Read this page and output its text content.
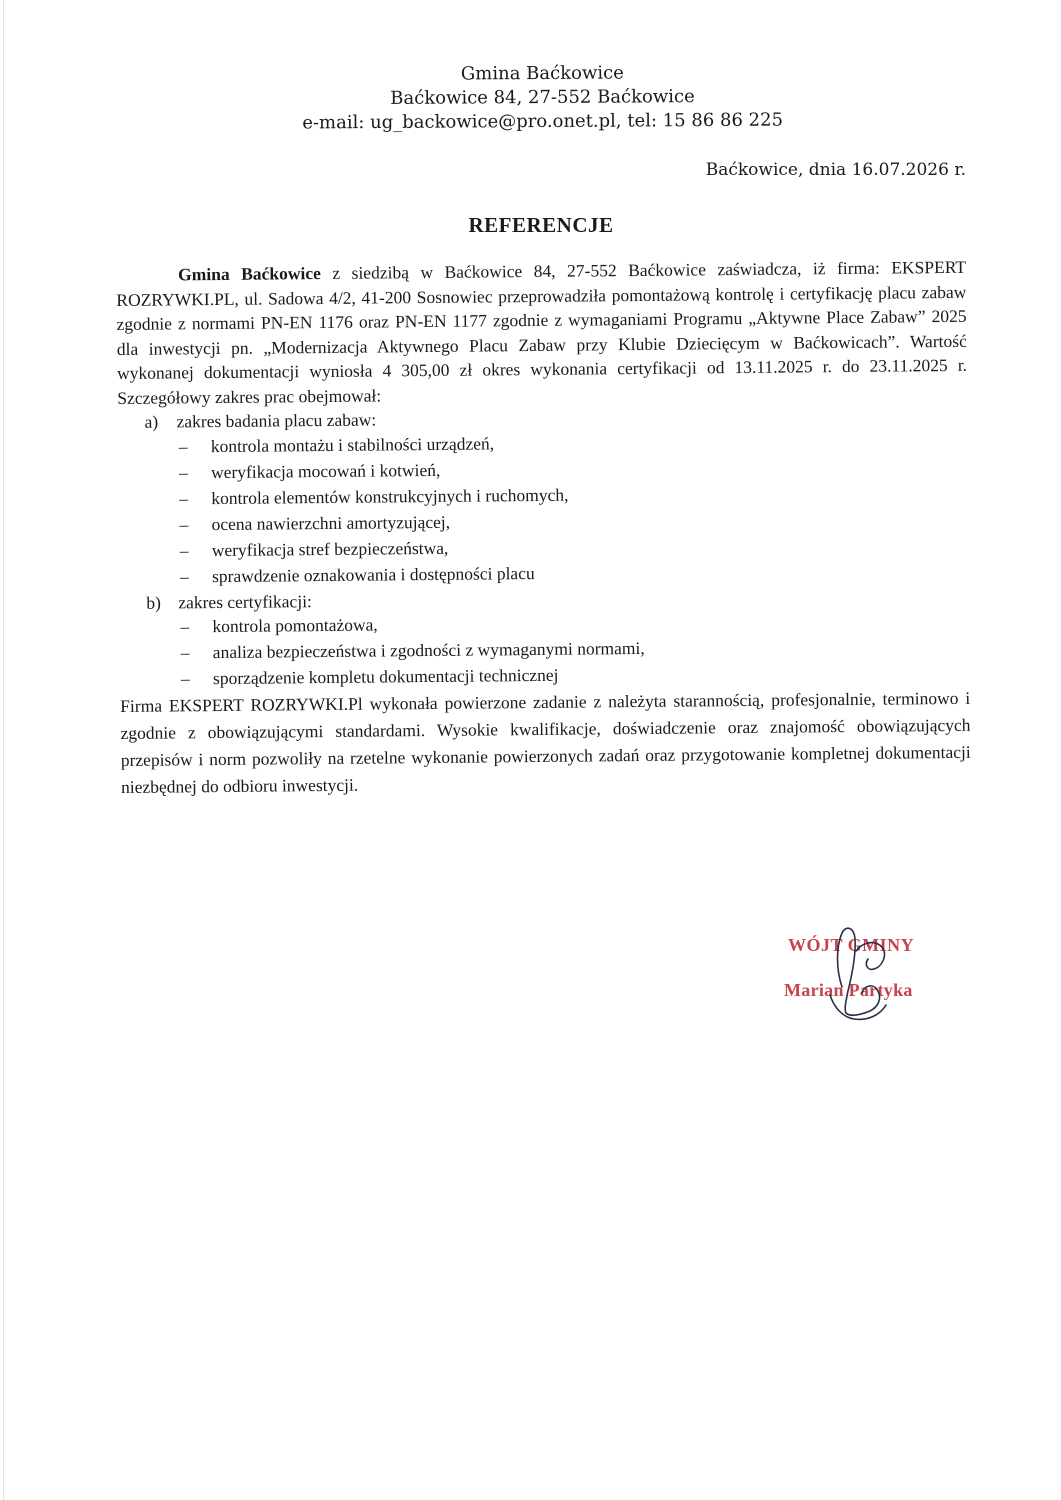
Gmina Baćkowice
Baćkowice 84, 27-552 Baćkowice
e-mail: ug_backowice@pro.onet.pl, tel: 15 86 86 225
Baćkowice, dnia 16.07.2026 r.
REFERENCJE

Gmina Baćkowice z siedzibą w Baćkowice 84, 27-552 Baćkowice zaświadcza, iż firma: EKSPERT ROZRYWKI.PL, ul. Sadowa 4/2, 41-200 Sosnowiec przeprowadziła pomontażową kontrolę i certyfikację placu zabaw zgodnie z normami PN-EN 1176 oraz PN-EN 1177 zgodnie z wymaganiami Programu „Aktywne Place Zabaw” 2025 dla inwestycji pn. „Modernizacja Aktywnego Placu Zabaw przy Klubie Dziecięcym w Baćkowicach”. Wartość wykonanej dokumentacji wyniosła 4 305,00 zł okres wykonania certyfikacji od 13.11.2025 r. do 23.11.2025 r. Szczegółowy zakres prac obejmował:

a) zakres badania placu zabaw:
– kontrola montażu i stabilności urządzeń,
– weryfikacja mocowań i kotwień,
– kontrola elementów konstrukcyjnych i ruchomych,
– ocena nawierzchni amortyzującej,
– weryfikacja stref bezpieczeństwa,
– sprawdzenie oznakowania i dostępności placu
b) zakres certyfikacji:
– kontrola pomontażowa,
– analiza bezpieczeństwa i zgodności z wymaganymi normami,
– sporządzenie kompletu dokumentacji technicznej

Firma EKSPERT ROZRYWKI.Pl wykonała powierzone zadanie z należyta starannością, profesjonalnie, terminowo i zgodnie z obowiązującymi standardami. Wysokie kwalifikacje, doświadczenie oraz znajomość obowiązujących przepisów i norm pozwoliły na rzetelne wykonanie powierzonych zadań oraz przygotowanie kompletnej dokumentacji niezbędnej do odbioru inwestycji.

WÓJT GMINY
Marian Partyka
